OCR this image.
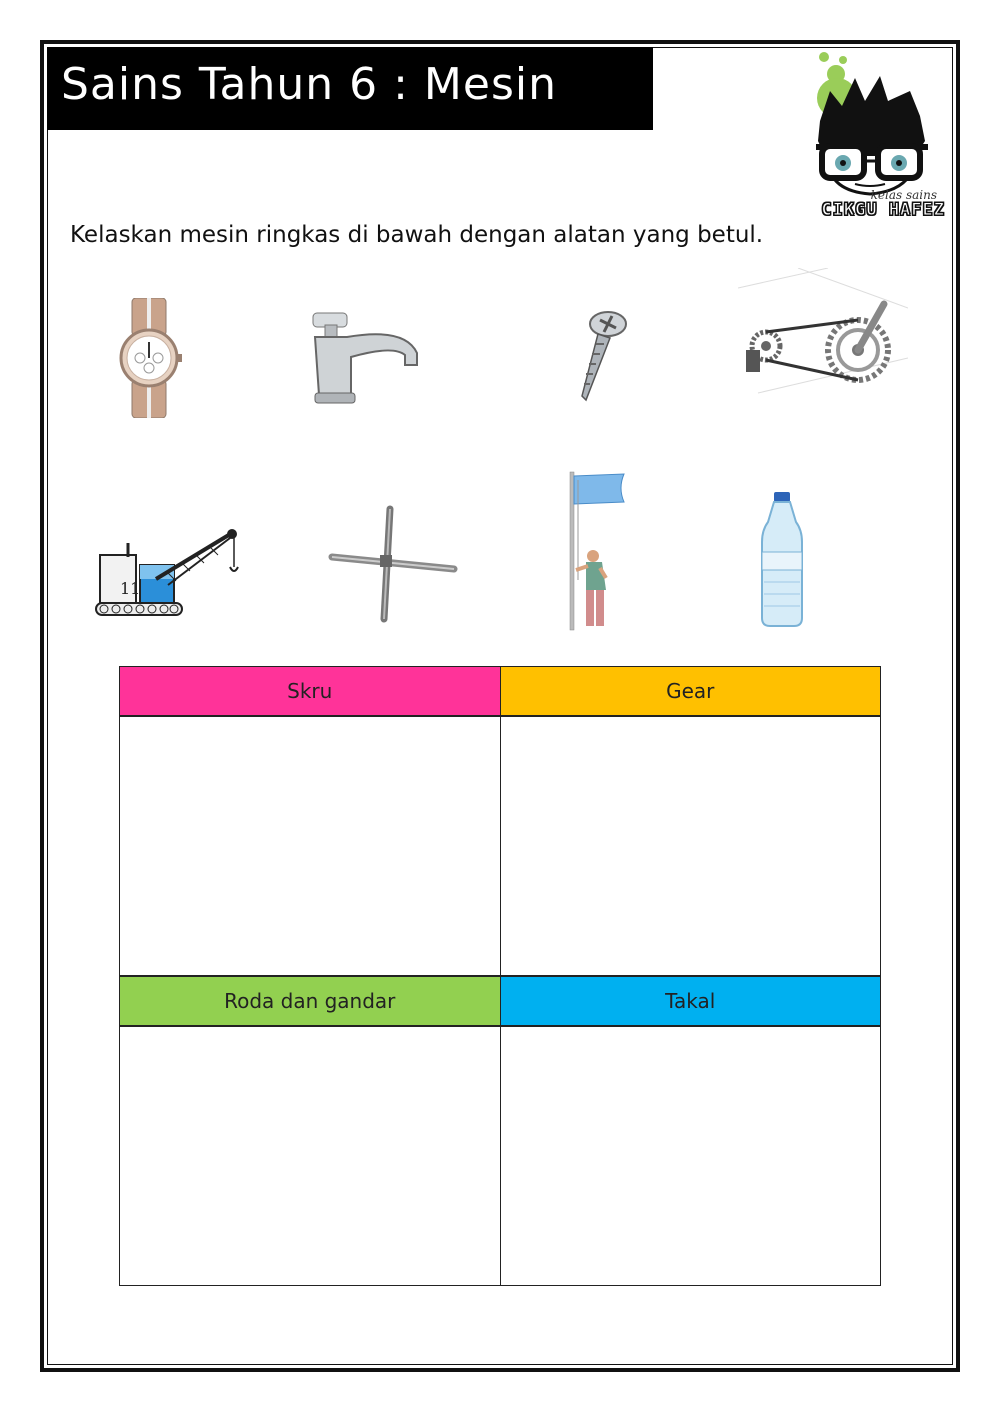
Sains Tahun 6 : Mesin
kelas sains
CIKGU HAFEZ
Kelaskan mesin ringkas di bawah dengan alatan yang betul.
11
Skru	Gear

Roda dan gandar	Takal
